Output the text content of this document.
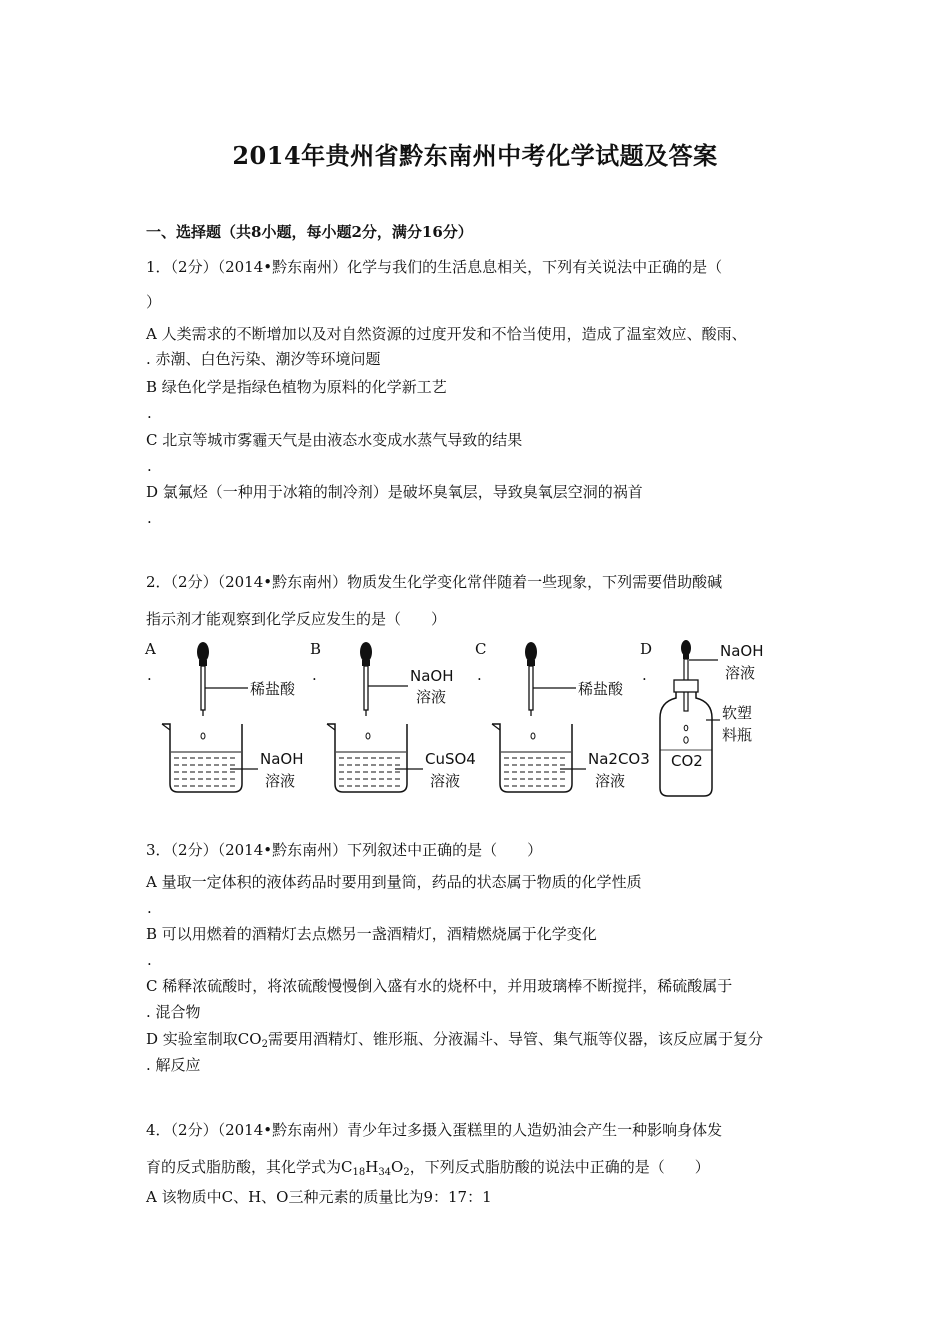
2014年贵州省黔东南州中考化学试题及答案
一、选择题（共8小题，每小题2分，满分16分）
1．（2分）（2014•黔东南州）化学与我们的生活息息相关，下列有关说法中正确的是（
）
A 人类需求的不断增加以及对自然资源的过度开发和不恰当使用，造成了温室效应、酸雨、
. 赤潮、白色污染、潮汐等环境问题
B 绿色化学是指绿色植物为原料的化学新工艺
.
C 北京等城市雾霾天气是由液态水变成水蒸气导致的结果
.
D 氯氟烃（一种用于冰箱的制冷剂）是破坏臭氧层，导致臭氧层空洞的祸首
.
2．（2分）（2014•黔东南州）物质发生化学变化常伴随着一些现象，下列需要借助酸碱
指示剂才能观察到化学反应发生的是（　　）
A
.
B
.
C
.
D
.
稀盐酸
NaOH
溶液
NaOH
溶液
CuSO4
溶液
稀盐酸
Na2CO3
溶液
NaOH
溶液
软塑
料瓶
CO2
3．（2分）（2014•黔东南州）下列叙述中正确的是（　　）
A 量取一定体积的液体药品时要用到量筒，药品的状态属于物质的化学性质
.
B 可以用燃着的酒精灯去点燃另一盏酒精灯，酒精燃烧属于化学变化
.
C 稀释浓硫酸时，将浓硫酸慢慢倒入盛有水的烧杯中，并用玻璃棒不断搅拌，稀硫酸属于
. 混合物
D 实验室制取$CO_2$需要用酒精灯、锥形瓶、分液漏斗、导管、集气瓶等仪器，该反应属于复分
. 解反应
4．（2分）（2014•黔东南州）青少年过多摄入蛋糕里的人造奶油会产生一种影响身体发
育的反式脂肪酸，其化学式为$C_{18}H_{34}O_2$，下列反式脂肪酸的说法中正确的是（　　）
A 该物质中C、H、O三种元素的质量比为9：17：1
